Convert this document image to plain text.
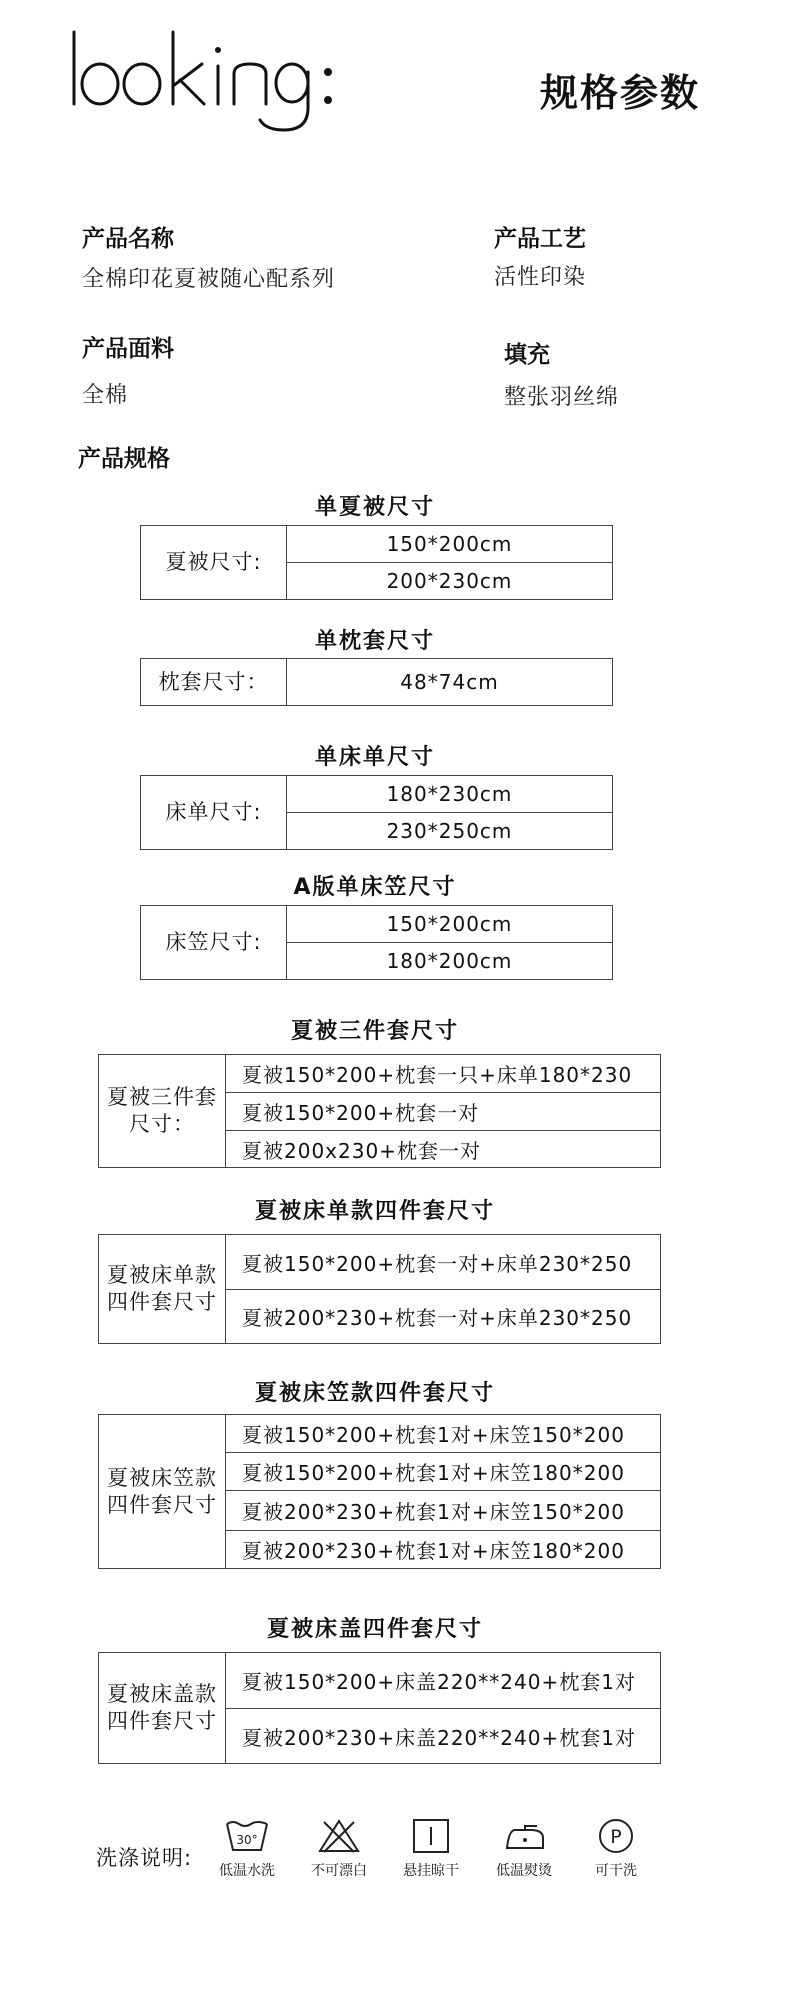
规格参数
产品名称
全棉印花夏被随心配系列
产品工艺
活性印染
产品面料
全棉
填充
整张羽丝绵
产品规格
单夏被尺寸
夏被尺寸:	150*200cm
200*230cm
单枕套尺寸
枕套尺寸：	48*74cm
单床单尺寸
床单尺寸:	180*230cm
230*250cm
A版单床笠尺寸
床笠尺寸:	150*200cm
180*200cm
夏被三件套尺寸
夏被三件套尺寸：	夏被150*200+枕套一只+床单180*230
夏被150*200+枕套一对
夏被200x230+枕套一对
夏被床单款四件套尺寸
夏被床单款四件套尺寸	夏被150*200+枕套一对+床单230*250
夏被200*230+枕套一对+床单230*250
夏被床笠款四件套尺寸
夏被床笠款四件套尺寸	夏被150*200+枕套1对+床笠150*200
夏被150*200+枕套1对+床笠180*200
夏被200*230+枕套1对+床笠150*200
夏被200*230+枕套1对+床笠180*200
夏被床盖四件套尺寸
夏被床盖款四件套尺寸	夏被150*200+床盖220**240+枕套1对
夏被200*230+床盖220**240+枕套1对
洗涤说明:
30°
低温水洗	不可漂白	悬挂晾干	低温熨烫
P
可干洗
